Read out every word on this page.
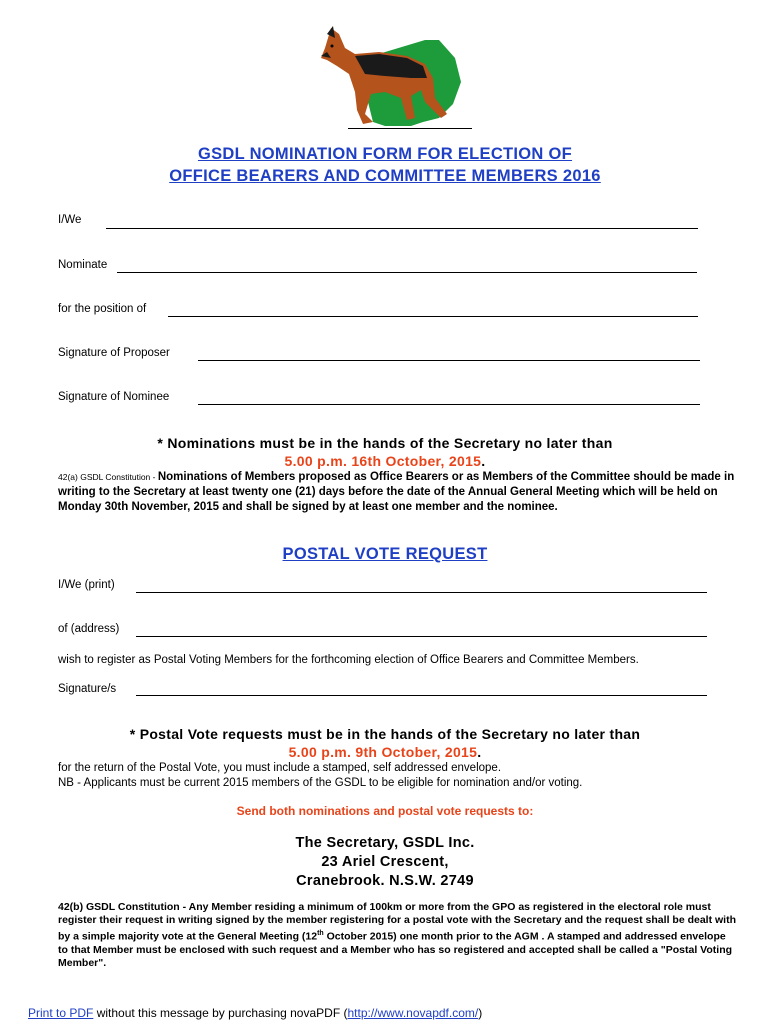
GSDL NOMINATION FORM FOR ELECTION OF
OFFICE BEARERS AND COMMITTEE MEMBERS 2016
I/We
Nominate
for the position of
Signature of Proposer
Signature of Nominee
* Nominations must be in the hands of the Secretary no later than
5.00 p.m. 16th October, 2015.
42(a) GSDL Constitution - Nominations of Members proposed as Office Bearers or as Members of the Committee should be made in writing to the Secretary at least twenty one (21) days before the date of the Annual General Meeting which will be held on Monday 30th November, 2015 and shall be signed by at least one member and the nominee.
POSTAL VOTE REQUEST
I/We (print)
of (address)
wish to register as Postal Voting Members for the forthcoming election of Office Bearers and Committee Members.
Signature/s
* Postal Vote requests must be in the hands of the Secretary no later than
5.00 p.m. 9th October, 2015.
for the return of the Postal Vote, you must include a stamped, self addressed envelope.
NB - Applicants must be current 2015 members of the GSDL to be eligible for nomination and/or voting.
Send both nominations and postal vote requests to:
The Secretary, GSDL Inc.
23 Ariel Crescent,
Cranebrook. N.S.W. 2749
42(b) GSDL Constitution - Any Member residing a minimum of 100km or more from the GPO as registered in the electoral role must register their request in writing signed by the member registering for a postal vote with the Secretary and the request shall be dealt with by a simple majority vote at the General Meeting (12th October 2015) one month prior to the AGM . A stamped and addressed envelope to that Member must be enclosed with such request and a Member who has so registered and accepted shall be called a "Postal Voting Member".
Print to PDF without this message by purchasing novaPDF (http://www.novapdf.com/)
